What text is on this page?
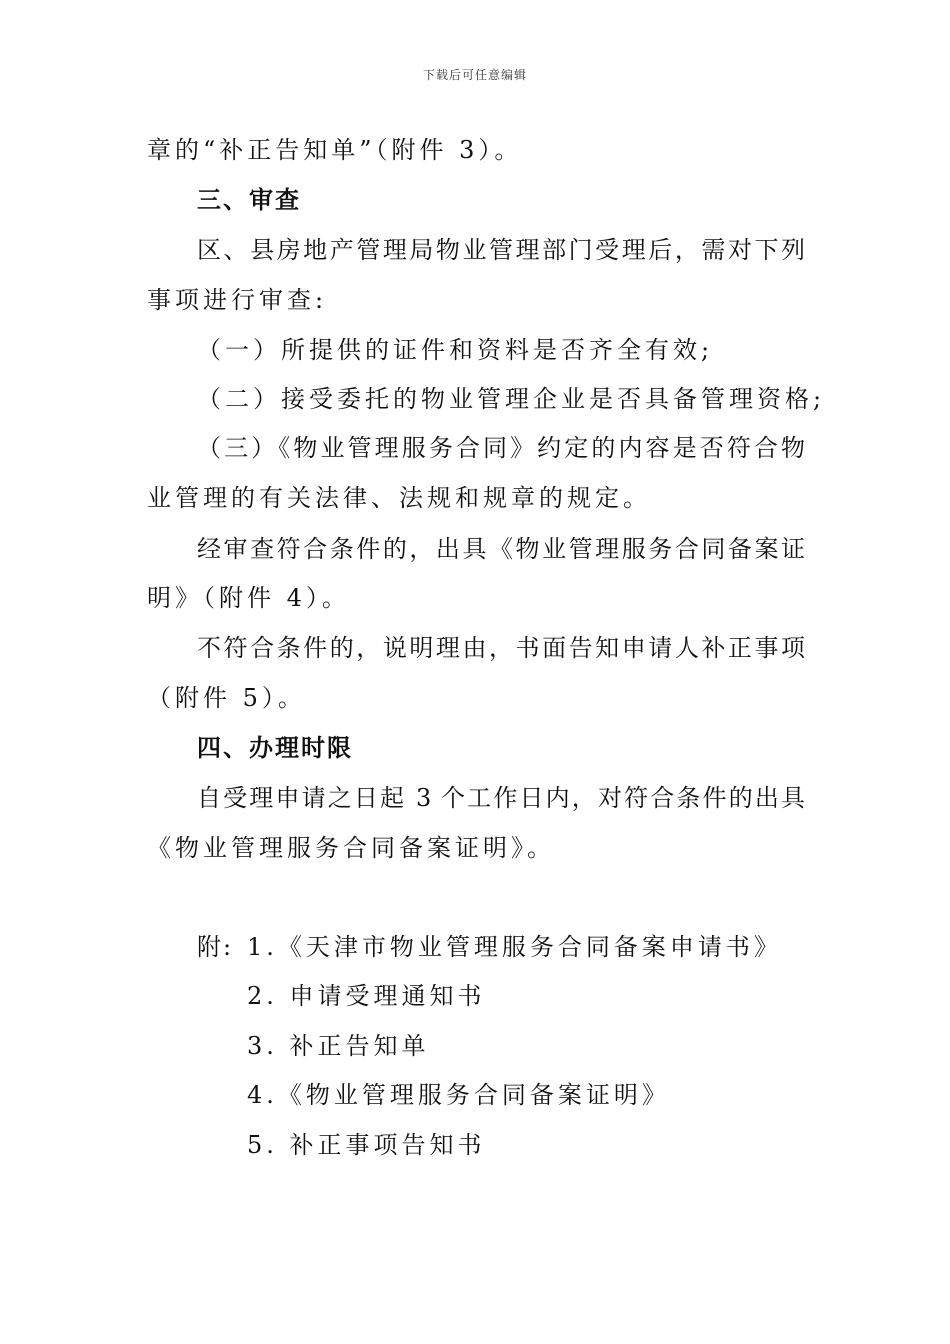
下载后可任意编辑
章的“补正告知单”（附件 3）。
三、审查
区、县房地产管理局物业管理部门受理后，需对下列
事项进行审查:
（一）所提供的证件和资料是否齐全有效;
（二）接受委托的物业管理企业是否具备管理资格;
（三）《物业管理服务合同》约定的内容是否符合物
业管理的有关法律、法规和规章的规定。
经审查符合条件的，出具《物业管理服务合同备案证
明》（附件 4）。
不符合条件的，说明理由，书面告知申请人补正事项
（附件 5）。
四、办理时限
自受理申请之日起 3 个工作日内，对符合条件的出具
《物业管理服务合同备案证明》。
附: 1.《天津市物业管理服务合同备案申请书》
2. 申请受理通知书
3. 补正告知单
4.《物业管理服务合同备案证明》
5. 补正事项告知书
